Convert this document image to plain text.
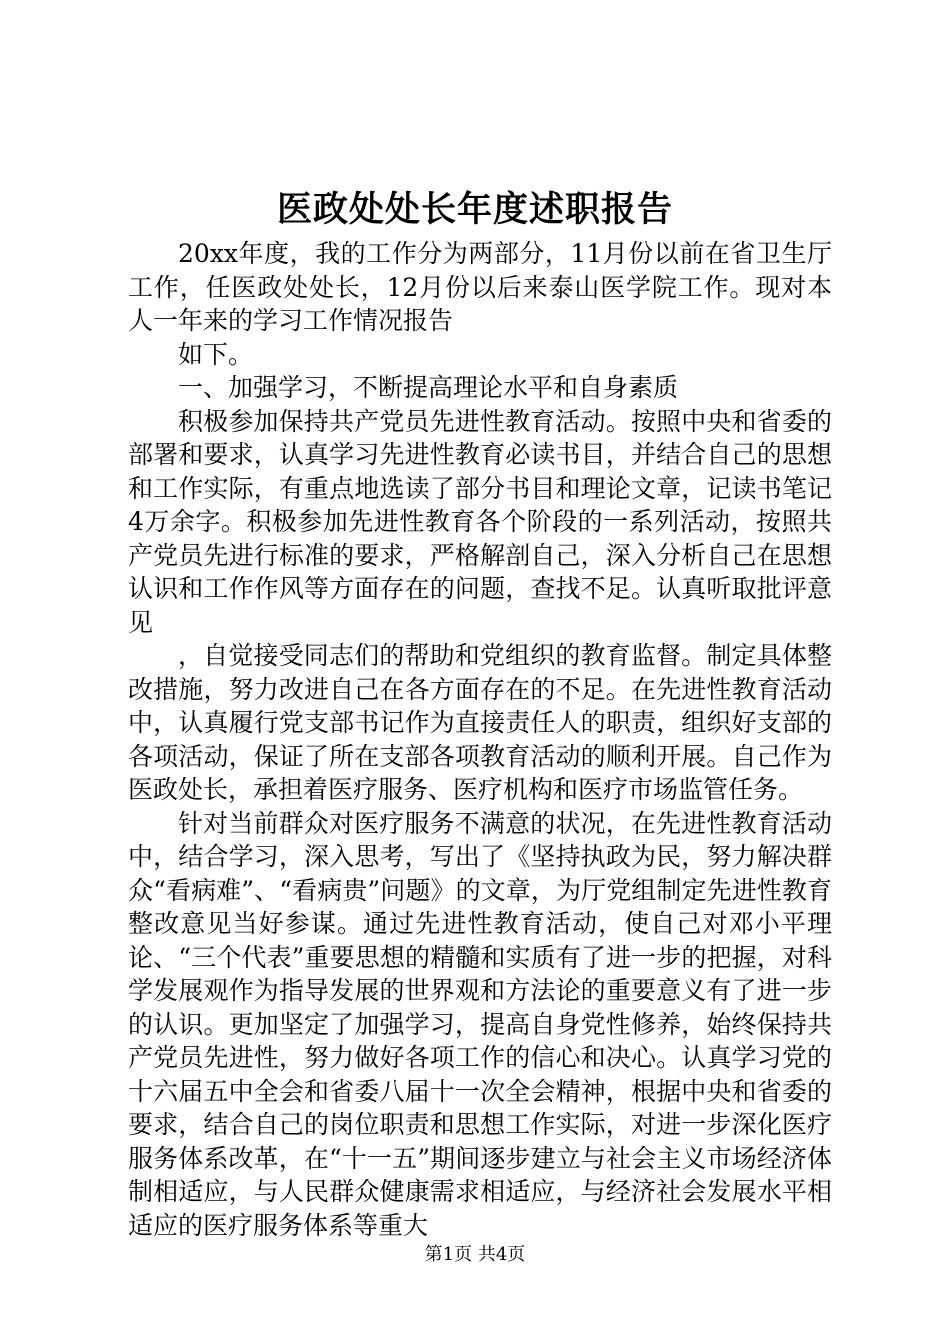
医政处处长年度述职报告

20xx年度，我的工作分为两部分，11月份以前在省卫生厅工作，任医政处处长，12月份以后来泰山医学院工作。现对本人一年来的学习工作情况报告

如下。

一、加强学习，不断提高理论水平和自身素质

积极参加保持共产党员先进性教育活动。按照中央和省委的部署和要求，认真学习先进性教育必读书目，并结合自己的思想和工作实际，有重点地选读了部分书目和理论文章，记读书笔记4万余字。积极参加先进性教育各个阶段的一系列活动，按照共产党员先进行标准的要求，严格解剖自己，深入分析自己在思想认识和工作作风等方面存在的问题，查找不足。认真听取批评意见

，自觉接受同志们的帮助和党组织的教育监督。制定具体整改措施，努力改进自己在各方面存在的不足。在先进性教育活动中，认真履行党支部书记作为直接责任人的职责，组织好支部的各项活动，保证了所在支部各项教育活动的顺利开展。自己作为医政处长，承担着医疗服务、医疗机构和医疗市场监管任务。

针对当前群众对医疗服务不满意的状况，在先进性教育活动中，结合学习，深入思考，写出了《坚持执政为民，努力解决群众“看病难”、“看病贵”问题》的文章，为厅党组制定先进性教育整改意见当好参谋。通过先进性教育活动，使自己对邓小平理论、“三个代表”重要思想的精髓和实质有了进一步的把握，对科学发展观作为指导发展的世界观和方法论的重要意义有了进一步的认识。更加坚定了加强学习，提高自身党性修养，始终保持共产党员先进性，努力做好各项工作的信心和决心。认真学习党的十六届五中全会和省委八届十一次全会精神，根据中央和省委的要求，结合自己的岗位职责和思想工作实际，对进一步深化医疗服务体系改革，在“十一五”期间逐步建立与社会主义市场经济体制相适应，与人民群众健康需求相适应，与经济社会发展水平相适应的医疗服务体系等重大

第1页 共4页
